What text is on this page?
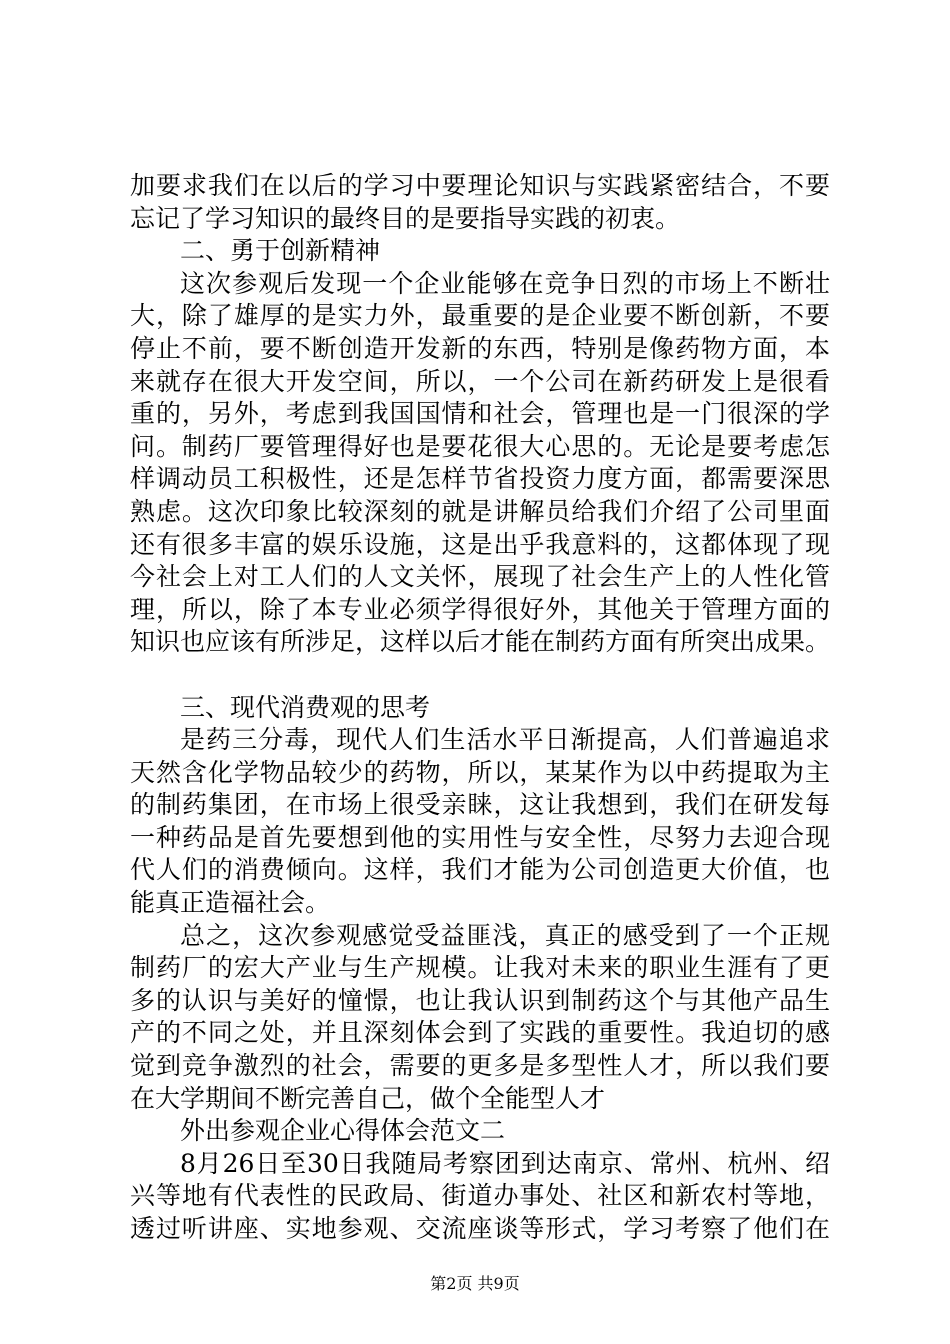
加要求我们在以后的学习中要理论知识与实践紧密结合，不要
忘记了学习知识的最终目的是要指导实践的初衷。
二、勇于创新精神
这次参观后发现一个企业能够在竞争日烈的市场上不断壮
大，除了雄厚的是实力外，最重要的是企业要不断创新，不要
停止不前，要不断创造开发新的东西，特别是像药物方面，本
来就存在很大开发空间，所以，一个公司在新药研发上是很看
重的，另外，考虑到我国国情和社会，管理也是一门很深的学
问。制药厂要管理得好也是要花很大心思的。无论是要考虑怎
样调动员工积极性，还是怎样节省投资力度方面，都需要深思
熟虑。这次印象比较深刻的就是讲解员给我们介绍了公司里面
还有很多丰富的娱乐设施，这是出乎我意料的，这都体现了现
今社会上对工人们的人文关怀，展现了社会生产上的人性化管
理，所以，除了本专业必须学得很好外，其他关于管理方面的
知识也应该有所涉足，这样以后才能在制药方面有所突出成果。
三、现代消费观的思考
是药三分毒，现代人们生活水平日渐提高，人们普遍追求
天然含化学物品较少的药物，所以，某某作为以中药提取为主
的制药集团，在市场上很受亲睐，这让我想到，我们在研发每
一种药品是首先要想到他的实用性与安全性，尽努力去迎合现
代人们的消费倾向。这样，我们才能为公司创造更大价值，也
能真正造福社会。
总之，这次参观感觉受益匪浅，真正的感受到了一个正规
制药厂的宏大产业与生产规模。让我对未来的职业生涯有了更
多的认识与美好的憧憬，也让我认识到制药这个与其他产品生
产的不同之处，并且深刻体会到了实践的重要性。我迫切的感
觉到竞争激烈的社会，需要的更多是多型性人才，所以我们要
在大学期间不断完善自己，做个全能型人才
外出参观企业心得体会范文二
8月26日至30日我随局考察团到达南京、常州、杭州、绍
兴等地有代表性的民政局、街道办事处、社区和新农村等地，
透过听讲座、实地参观、交流座谈等形式，学习考察了他们在
第2页 共9页
